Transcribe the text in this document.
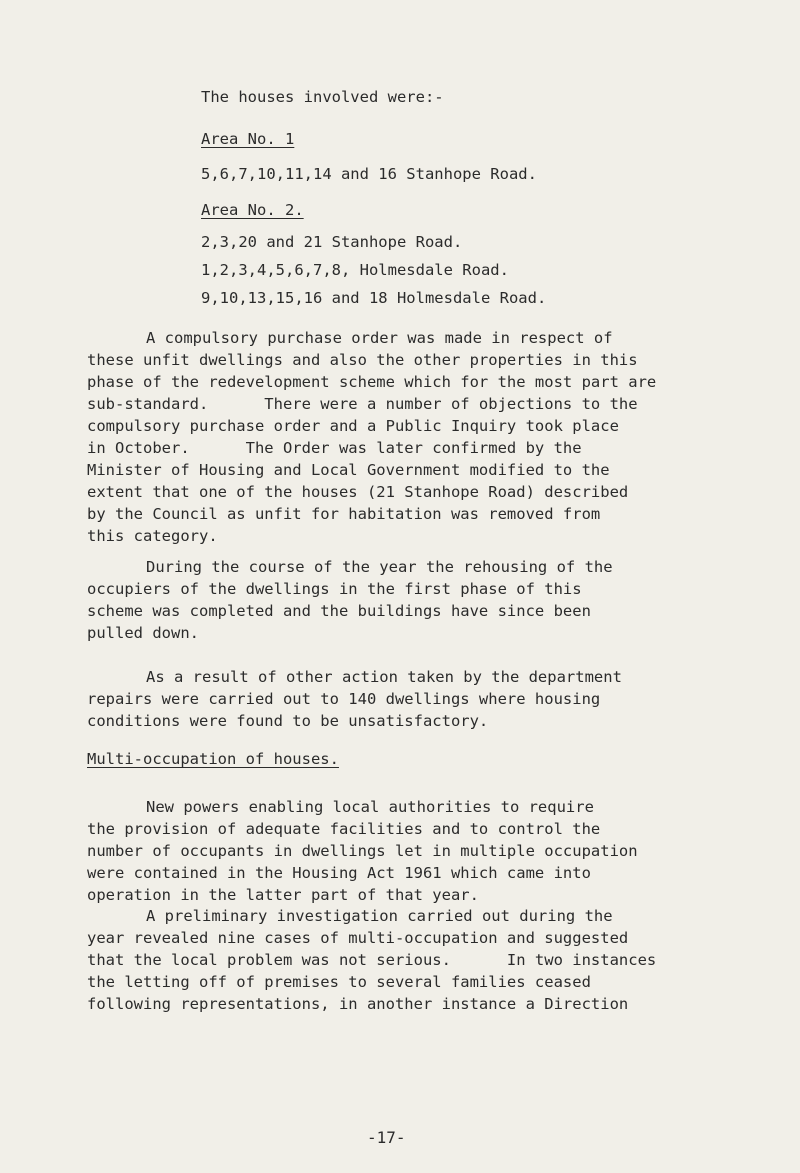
The houses involved were:-
Area No. 1
5,6,7,10,11,14 and 16 Stanhope Road.
Area No. 2.
2,3,20 and 21 Stanhope Road.
1,2,3,4,5,6,7,8, Holmesdale Road.
9,10,13,15,16 and 18 Holmesdale Road.
A compulsory purchase order was made in respect of
these unfit dwellings and also the other properties in this
phase of the redevelopment scheme which for the most part are
sub-standard.      There were a number of objections to the
compulsory purchase order and a Public Inquiry took place
in October.      The Order was later confirmed by the
Minister of Housing and Local Government modified to the
extent that one of the houses (21 Stanhope Road) described
by the Council as unfit for habitation was removed from
this category.
During the course of the year the rehousing of the
occupiers of the dwellings in the first phase of this
scheme was completed and the buildings have since been
pulled down.
As a result of other action taken by the department
repairs were carried out to 140 dwellings where housing
conditions were found to be unsatisfactory.
Multi-occupation of houses.
New powers enabling local authorities to require
the provision of adequate facilities and to control the
number of occupants in dwellings let in multiple occupation
were contained in the Housing Act 1961 which came into
operation in the latter part of that year.
A preliminary investigation carried out during the
year revealed nine cases of multi-occupation and suggested
that the local problem was not serious.      In two instances
the letting off of premises to several families ceased
following representations, in another instance a Direction
-17-
